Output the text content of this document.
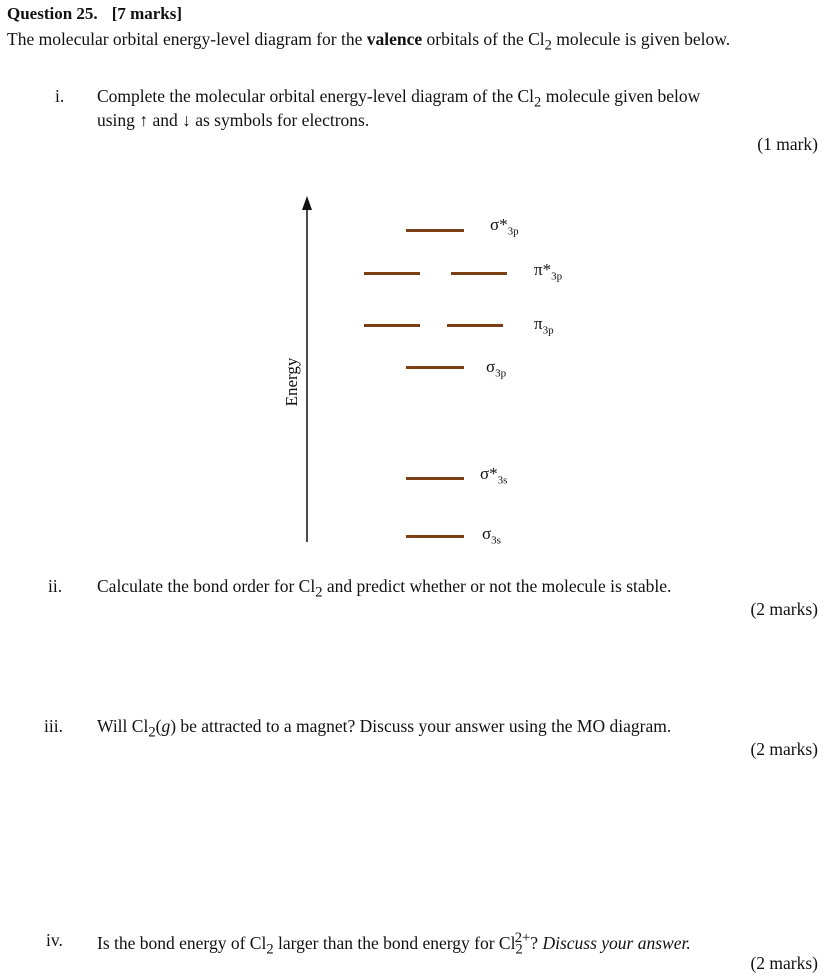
Question 25. [7 marks]
The molecular orbital energy-level diagram for the valence orbitals of the $Cl_2$ molecule is given below.
i. Complete the molecular orbital energy-level diagram of the $Cl_2$ molecule given below
using ↑ and ↓ as symbols for electrons.
(1 mark)
Energy
$\sigma*_{3p}$
$\pi*_{3p}$
$\pi_{3p}$
$\sigma_{3p}$
$\sigma*_{3s}$
$\sigma_{3s}$
ii. Calculate the bond order for $Cl_2$ and predict whether or not the molecule is stable.
(2 marks)
iii. Will $Cl_2(g)$ be attracted to a magnet? Discuss your answer using the MO diagram.
(2 marks)
iv. Is the bond energy of $Cl_2$ larger than the bond energy for $Cl_2^{2+}$? Discuss your answer.
(2 marks)
